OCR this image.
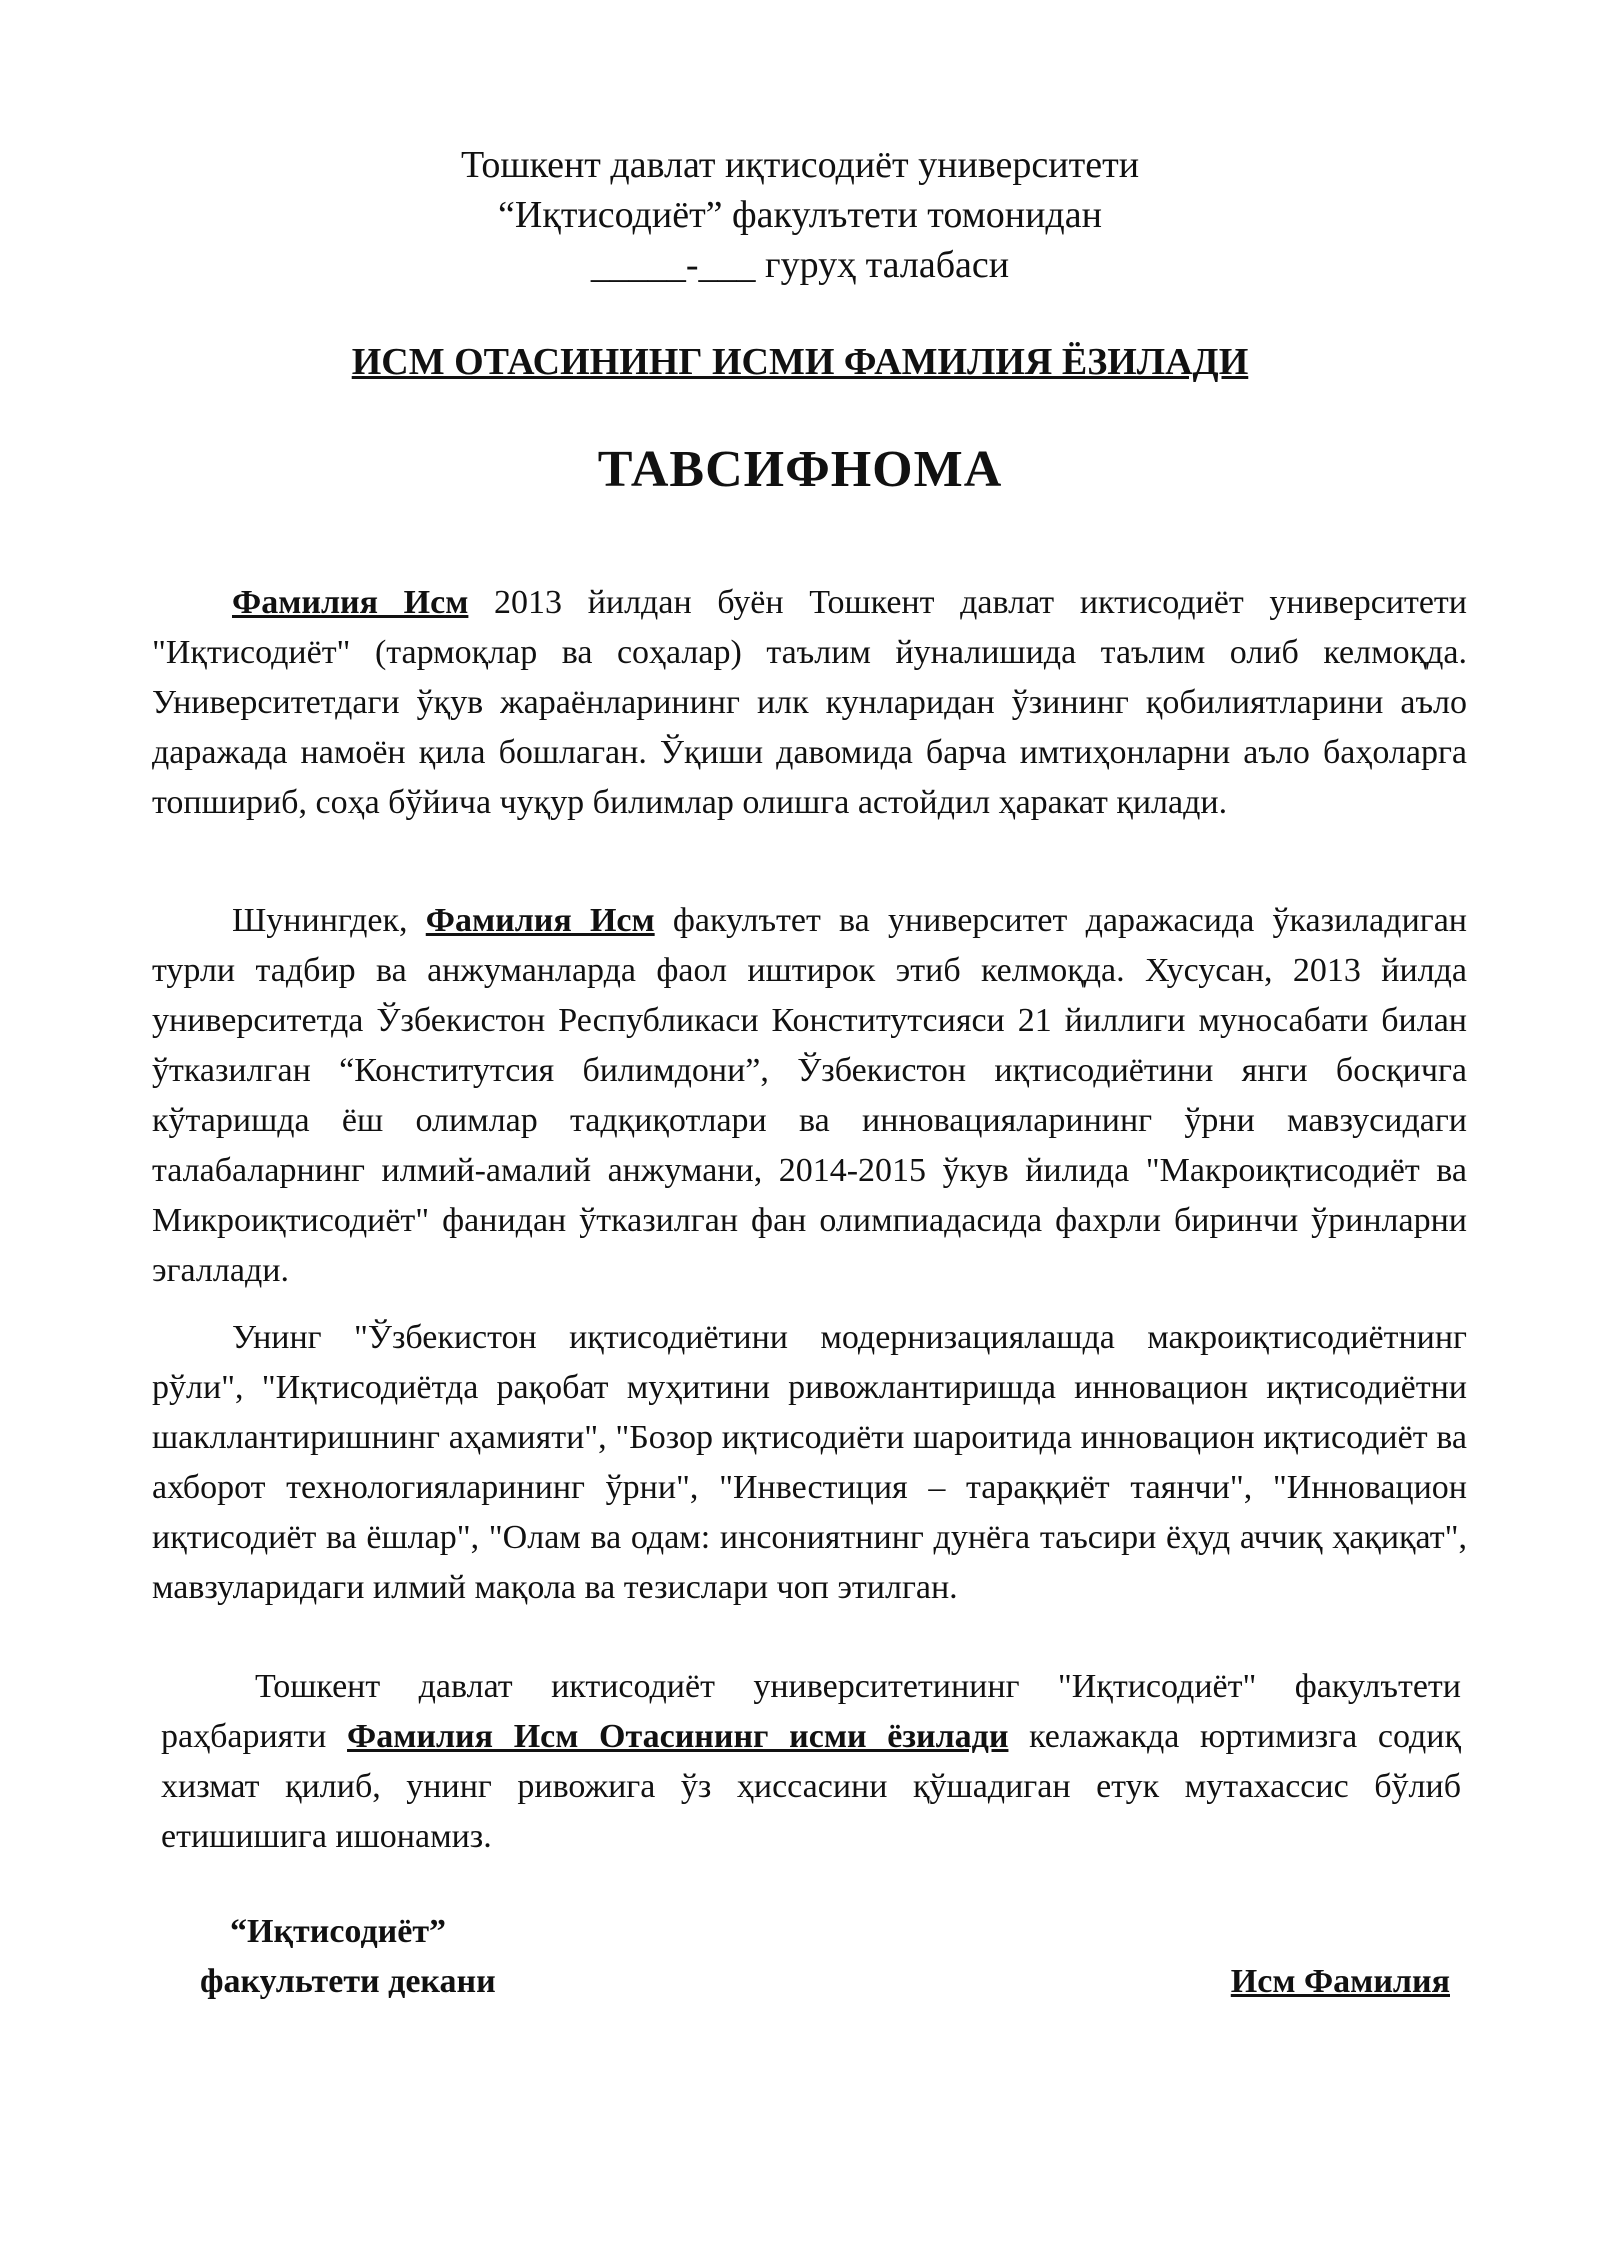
Тошкент давлат иқтисодиёт университети
“Иқтисодиёт” факулътети томонидан
_____-___ гуруҳ талабаси
ИСМ ОТАСИНИНГ ИСМИ ФАМИЛИЯ ЁЗИЛАДИ
ТАВСИФНОМА

Фамилия Исм 2013 йилдан буён Тошкент давлат иктисодиёт университети "Иқтисодиёт" (тармоқлар ва соҳалар) таълим йуналишида таълим олиб келмоқда. Университетдаги ўқув жараёнларининг илк кунларидан ўзининг қобилиятларини аъло даражада намоён қила бошлаган. Ўқиши давомида барча имтиҳонларни аъло баҳоларга топшириб, соҳа бўйича чуқур билимлар олишга астойдил ҳаракат қилади.

Шунингдек, Фамилия Исм факулътет ва университет даражасида ўказиладиган турли тадбир ва анжуманларда фаол иштирок этиб келмоқда. Хусусан, 2013 йилда университетда Ўзбекистон Республикаси Конститутсияси 21 йиллиги муносабати билан ўтказилган “Конститутсия билимдони”, Ўзбекистон иқтисодиётини янги босқичга кўтаришда ёш олимлар тадқиқотлари ва инновацияларининг ўрни мавзусидаги талабаларнинг илмий-амалий анжумани, 2014-2015 ўкув йилида "Макроиқтисодиёт ва Микроиқтисодиёт" фанидан ўтказилган фан олимпиадасида фахрли биринчи ўринларни эгаллади.

Унинг "Ўзбекистон иқтисодиётини модернизациялашда макроиқтисодиётнинг рўли", "Иқтисодиётда рақобат муҳитини ривожлантиришда инновацион иқтисодиётни шакллантиришнинг аҳамияти", "Бозор иқтисодиёти шароитида инновацион иқтисодиёт ва ахборот технологияларининг ўрни", "Инвестиция – тараққиёт таянчи", "Инновацион иқтисодиёт ва ёшлар", "Олам ва одам: инсониятнинг дунёга таъсири ёҳуд аччиқ ҳақиқат", мавзуларидаги илмий мақола ва тезислари чоп этилган.

Тошкент давлат иктисодиёт университетининг "Иқтисодиёт" факулътети раҳбарияти Фамилия Исм Отасининг исми ёзилади келажакда юртимизга содиқ хизмат қилиб, унинг ривожига ўз ҳиссасини қўшадиган етук мутахассис бўлиб етишишига ишонамиз.

“Иқтисодиёт”
факультети декани	Исм Фамилия
